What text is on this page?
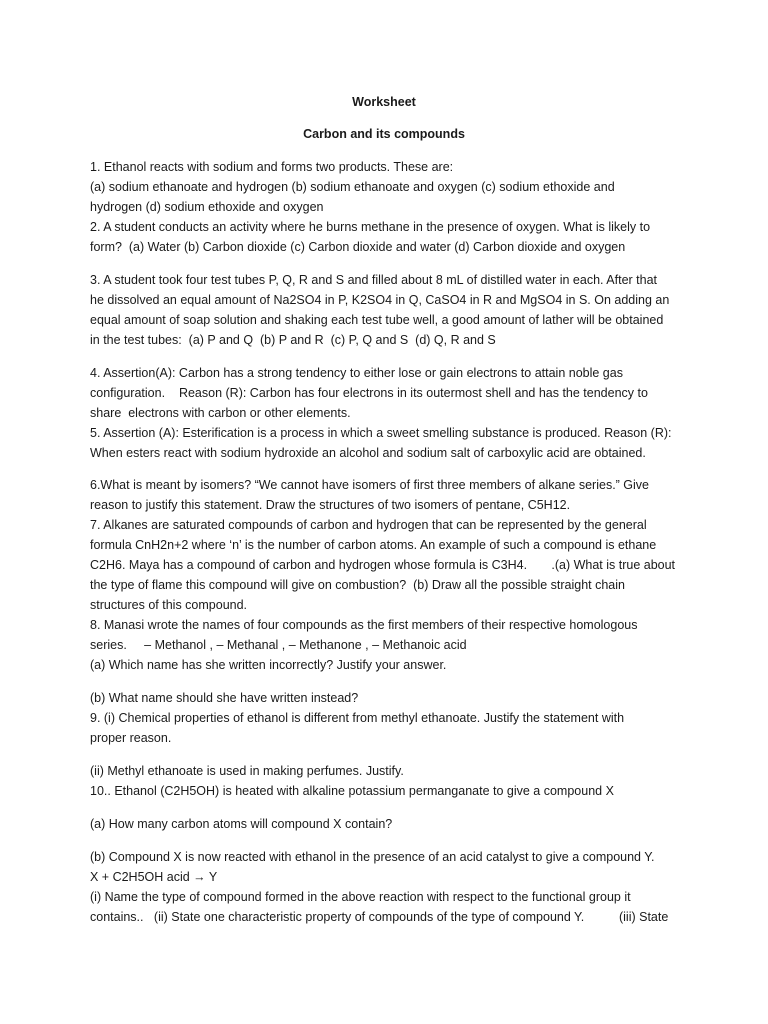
Worksheet
Carbon and its compounds
1. Ethanol reacts with sodium and forms two products. These are:
(a) sodium ethanoate and hydrogen (b) sodium ethanoate and oxygen (c) sodium ethoxide and
hydrogen (d) sodium ethoxide and oxygen
2. A student conducts an activity where he burns methane in the presence of oxygen. What is likely to
form?  (a) Water (b) Carbon dioxide (c) Carbon dioxide and water (d) Carbon dioxide and oxygen
3. A student took four test tubes P, Q, R and S and filled about 8 mL of distilled water in each. After that
he dissolved an equal amount of Na2SO4 in P, K2SO4 in Q, CaSO4 in R and MgSO4 in S. On adding an
equal amount of soap solution and shaking each test tube well, a good amount of lather will be obtained
in the test tubes:  (a) P and Q  (b) P and R  (c) P, Q and S  (d) Q, R and S
4. Assertion(A): Carbon has a strong tendency to either lose or gain electrons to attain noble gas
configuration.    Reason (R): Carbon has four electrons in its outermost shell and has the tendency to
share  electrons with carbon or other elements.
5. Assertion (A): Esterification is a process in which a sweet smelling substance is produced. Reason (R):
When esters react with sodium hydroxide an alcohol and sodium salt of carboxylic acid are obtained.
6.What is meant by isomers? “We cannot have isomers of first three members of alkane series.” Give
reason to justify this statement. Draw the structures of two isomers of pentane, C5H12.
7. Alkanes are saturated compounds of carbon and hydrogen that can be represented by the general
formula CnH2n+2 where ‘n’ is the number of carbon atoms. An example of such a compound is ethane
C2H6. Maya has a compound of carbon and hydrogen whose formula is C3H4.       .(a) What is true about
the type of flame this compound will give on combustion?  (b) Draw all the possible straight chain
structures of this compound.
8. Manasi wrote the names of four compounds as the first members of their respective homologous
series.     – Methanol , – Methanal , – Methanone , – Methanoic acid
(a) Which name has she written incorrectly? Justify your answer.
(b) What name should she have written instead?
9. (i) Chemical properties of ethanol is different from methyl ethanoate. Justify the statement with
proper reason.
(ii) Methyl ethanoate is used in making perfumes. Justify.
10.. Ethanol (C2H5OH) is heated with alkaline potassium permanganate to give a compound X
(a) How many carbon atoms will compound X contain?
(b) Compound X is now reacted with ethanol in the presence of an acid catalyst to give a compound Y.
X + C2H5OH acid → Y
(i) Name the type of compound formed in the above reaction with respect to the functional group it
contains..   (ii) State one characteristic property of compounds of the type of compound Y.          (iii) State
